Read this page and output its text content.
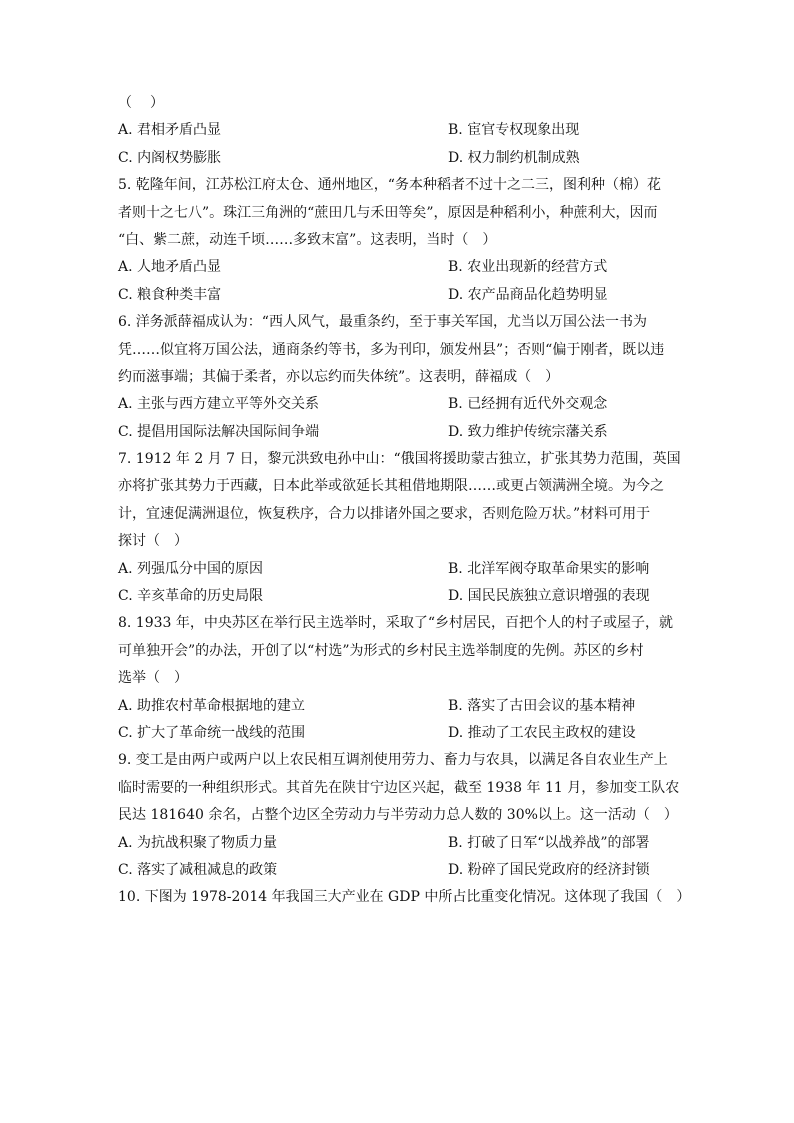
（　）
A. 君相矛盾凸显	B. 宦官专权现象出现
C. 内阁权势膨胀	D. 权力制约机制成熟
5. 乾隆年间，江苏松江府太仓、通州地区，“务本种稻者不过十之二三，图利种（棉）花
者则十之七八”。珠江三角洲的“蔗田几与禾田等矣”，原因是种稻利小，种蔗利大，因而
“白、紫二蔗，动连千顷……多致末富”。这表明，当时（　）
A. 人地矛盾凸显	B. 农业出现新的经营方式
C. 粮食种类丰富	D. 农产品商品化趋势明显
6. 洋务派薛福成认为：“西人风气，最重条约，至于事关军国，尤当以万国公法一书为
凭……似宜将万国公法，通商条约等书，多为刊印，颁发州县”；否则“偏于刚者，既以违
约而滋事端；其偏于柔者，亦以忘约而失体统”。这表明，薛福成（　）
A. 主张与西方建立平等外交关系	B. 已经拥有近代外交观念
C. 提倡用国际法解决国际间争端	D. 致力维护传统宗藩关系
7. 1912 年 2 月 7 日，黎元洪致电孙中山：“俄国将援助蒙古独立，扩张其势力范围，英国
亦将扩张其势力于西藏，日本此举或欲延长其租借地期限……或更占领满洲全境。为今之
计，宜速促满洲退位，恢复秩序，合力以排诸外国之要求，否则危险万状。”材料可用于
探讨（　）
A. 列强瓜分中国的原因	B. 北洋军阀夺取革命果实的影响
C. 辛亥革命的历史局限	D. 国民民族独立意识增强的表现
8. 1933 年，中央苏区在举行民主选举时，采取了“乡村居民，百把个人的村子或屋子，就
可单独开会”的办法，开创了以“村选”为形式的乡村民主选举制度的先例。苏区的乡村
选举（　）
A. 助推农村革命根据地的建立	B. 落实了古田会议的基本精神
C. 扩大了革命统一战线的范围	D. 推动了工农民主政权的建设
9. 变工是由两户或两户以上农民相互调剂使用劳力、畜力与农具，以满足各自农业生产上
临时需要的一种组织形式。其首先在陕甘宁边区兴起，截至 1938 年 11 月，参加变工队农
民达 181640 余名，占整个边区全劳动力与半劳动力总人数的 30%以上。这一活动（　）
A. 为抗战积聚了物质力量	B. 打破了日军“以战养战”的部署
C. 落实了减租减息的政策	D. 粉碎了国民党政府的经济封锁
10. 下图为 1978-2014 年我国三大产业在 GDP 中所占比重变化情况。这体现了我国（　）
